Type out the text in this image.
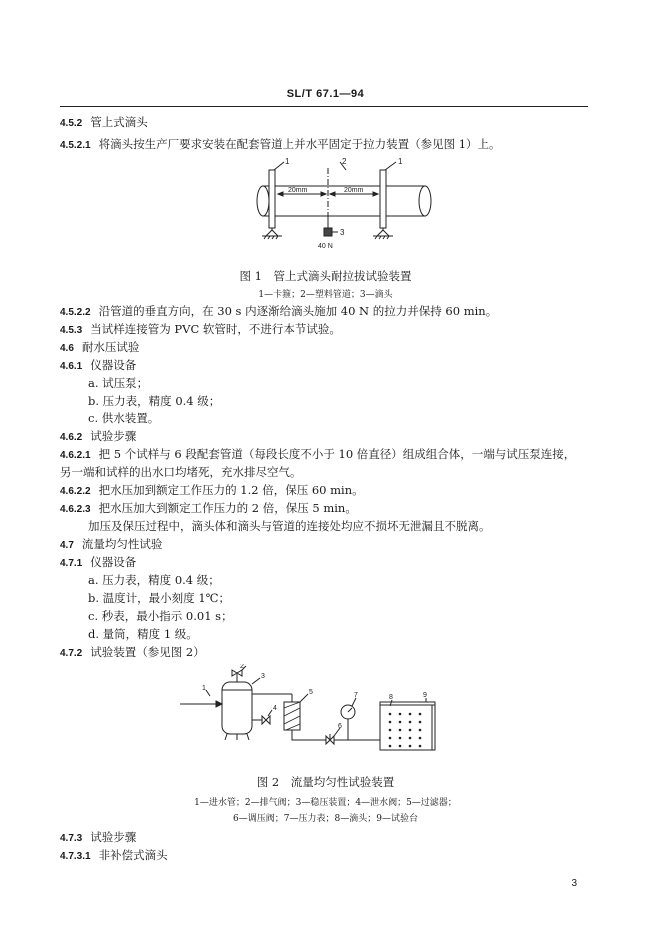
SL/T 67.1—94
4.5.2 管上式滴头
4.5.2.1 将滴头按生产厂要求安装在配套管道上并水平固定于拉力装置（参见图 1）上。
20mm	20mm
1	2	1
3
40 N
图 1　管上式滴头耐拉拔试验装置
1—卡箍；2—塑料管道；3—滴头
4.5.2.2 沿管道的垂直方向，在 30 s 内逐渐给滴头施加 40 N 的拉力并保持 60 min。
4.5.3 当试样连接管为 PVC 软管时，不进行本节试验。
4.6 耐水压试验
4.6.1 仪器设备
a. 试压泵；
b. 压力表，精度 0.4 级；
c. 供水装置。
4.6.2 试验步骤
4.6.2.1 把 5 个试样与 6 段配套管道（每段长度不小于 10 倍直径）组成组合体，一端与试压泵连接，
另一端和试样的出水口均堵死，充水排尽空气。
4.6.2.2 把水压加到额定工作压力的 1.2 倍，保压 60 min。
4.6.2.3 把水压加大到额定工作压力的 2 倍，保压 5 min。
加压及保压过程中，滴头体和滴头与管道的连接处均应不损坏无泄漏且不脱离。
4.7 流量均匀性试验
4.7.1 仪器设备
a. 压力表，精度 0.4 级；
b. 温度计，最小刻度 1℃；
c. 秒表，最小指示 0.01 s；
d. 量筒，精度 1 级。
4.7.2 试验装置（参见图 2）
1
2
3
4
5
6
7	8	9
图 2　流量均匀性试验装置
1—进水管；2—排气阀；3—稳压装置；4—泄水阀；5—过滤器；
6—调压阀；7—压力表；8—滴头；9—试验台
4.7.3 试验步骤
4.7.3.1 非补偿式滴头
3
